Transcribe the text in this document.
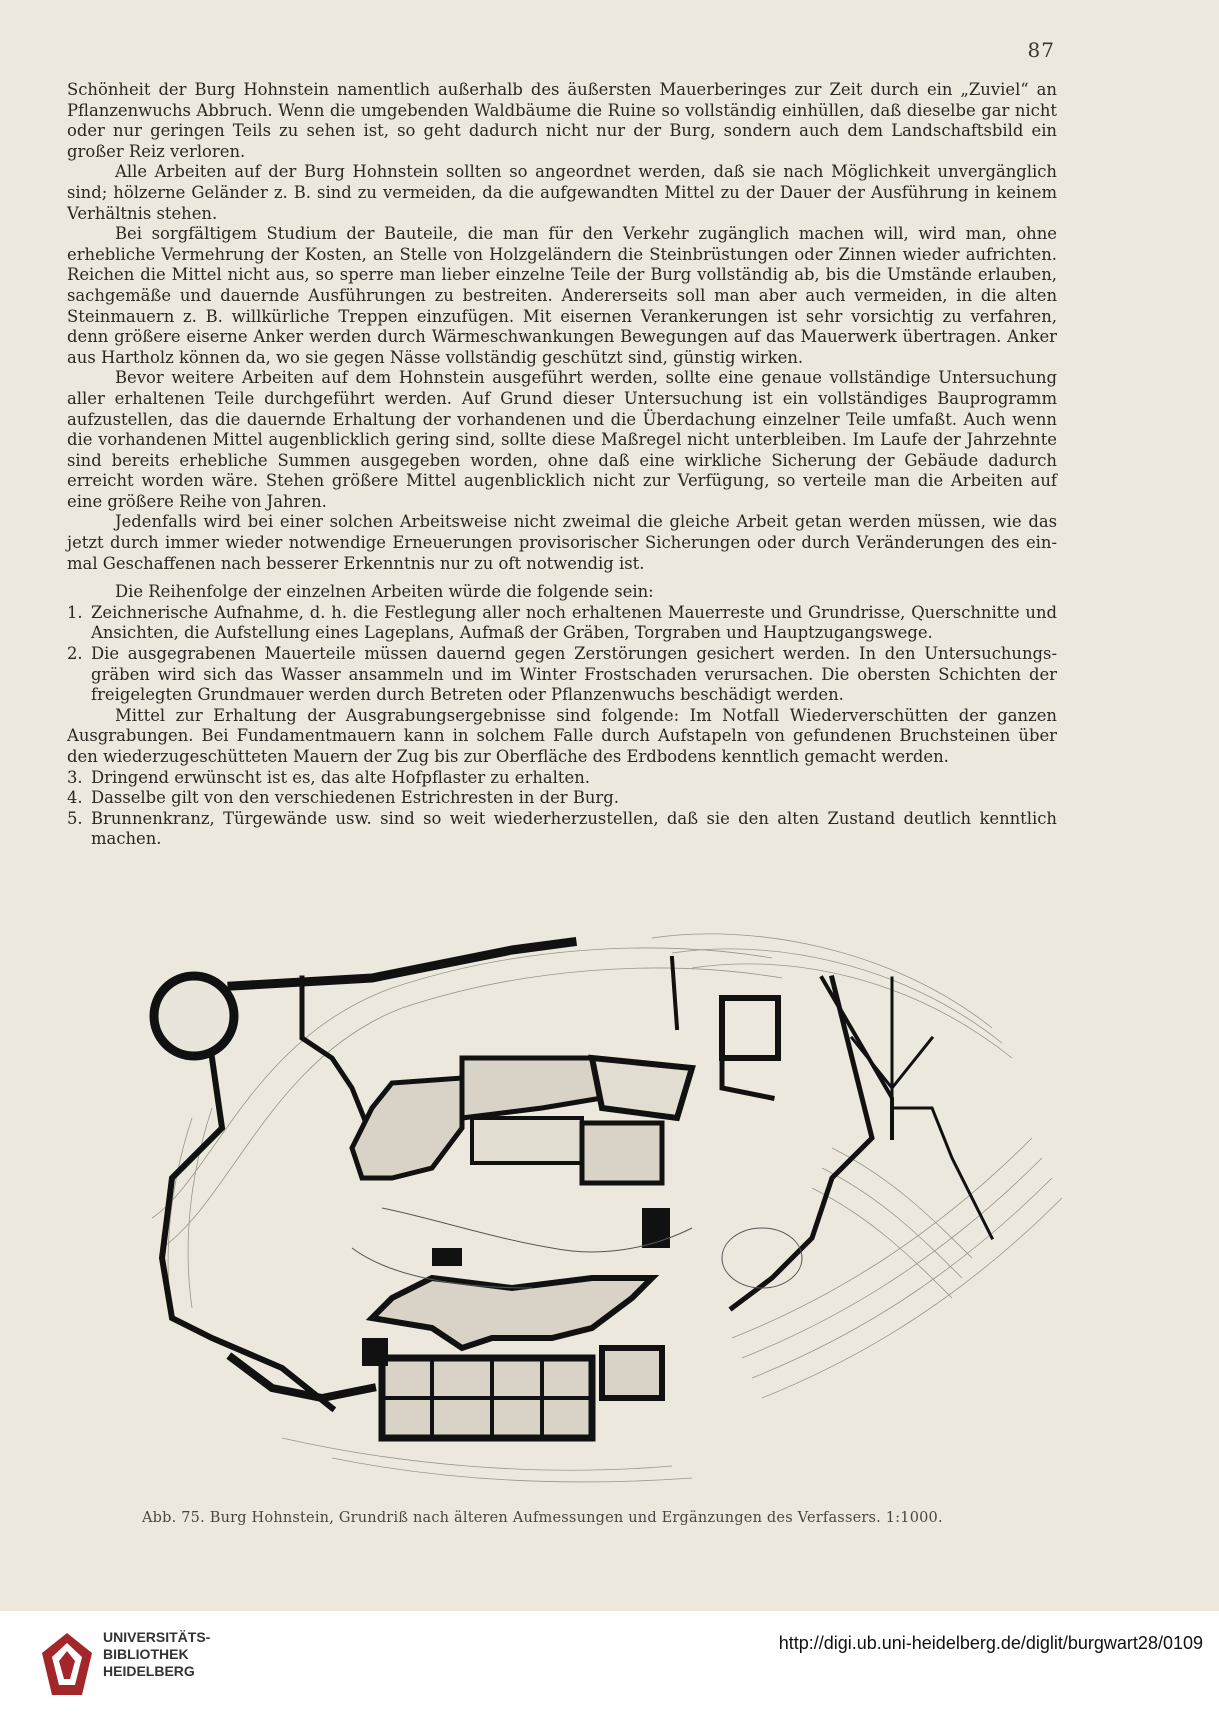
87

Schönheit der Burg Hohnstein namentlich außerhalb des äußersten Mauerberinges zur Zeit durch ein „Zuviel“ an Pflanzenwuchs Abbruch. Wenn die umgebenden Waldbäume die Ruine so vollständig einhüllen, daß dieselbe gar nicht oder nur geringen Teils zu sehen ist, so geht dadurch nicht nur der Burg, sondern auch dem Landschaftsbild ein großer Reiz verloren.

Alle Arbeiten auf der Burg Hohnstein sollten so angeordnet werden, daß sie nach Möglichkeit unvergänglich sind; hölzerne Geländer z. B. sind zu vermeiden, da die aufgewandten Mittel zu der Dauer der Ausführung in keinem Verhältnis stehen.

Bei sorgfältigem Studium der Bauteile, die man für den Verkehr zugänglich machen will, wird man, ohne erhebliche Vermehrung der Kosten, an Stelle von Holzgeländern die Steinbrüstungen oder Zinnen wieder aufrichten. Reichen die Mittel nicht aus, so sperre man lieber einzelne Teile der Burg vollständig ab, bis die Umstände erlauben, sachgemäße und dauernde Ausführungen zu bestreiten. Andererseits soll man aber auch vermeiden, in die alten Steinmauern z. B. willkürliche Treppen einzufügen. Mit eisernen Verankerungen ist sehr vorsichtig zu verfahren, denn größere eiserne Anker werden durch Wärmeschwankungen Bewegungen auf das Mauerwerk übertragen. Anker aus Hartholz können da, wo sie gegen Nässe vollständig geschützt sind, günstig wirken.

Bevor weitere Arbeiten auf dem Hohnstein ausgeführt werden, sollte eine genaue vollständige Untersuchung aller erhaltenen Teile durchgeführt werden. Auf Grund dieser Untersuchung ist ein vollständiges Bauprogramm aufzustellen, das die dauernde Erhaltung der vorhandenen und die Überdachung einzelner Teile umfaßt. Auch wenn die vorhandenen Mittel augenblicklich gering sind, sollte diese Maßregel nicht unterbleiben. Im Laufe der Jahrzehnte sind bereits erhebliche Summen ausgegeben worden, ohne daß eine wirkliche Sicherung der Gebäude dadurch erreicht worden wäre. Stehen größere Mittel augenblicklich nicht zur Verfügung, so verteile man die Arbeiten auf eine größere Reihe von Jahren.

Jedenfalls wird bei einer solchen Arbeitsweise nicht zweimal die gleiche Arbeit getan werden müssen, wie das jetzt durch immer wieder notwendige Erneuerungen provisorischer Sicherungen oder durch Veränderungen des einmal Geschaffenen nach besserer Erkenntnis nur zu oft notwendig ist.

Die Reihenfolge der einzelnen Arbeiten würde die folgende sein:

1. Zeichnerische Aufnahme, d. h. die Festlegung aller noch erhaltenen Mauerreste und Grundrisse, Querschnitte und Ansichten, die Aufstellung eines Lageplans, Aufmaß der Gräben, Torgraben und Hauptzugangswege.
2. Die ausgegrabenen Mauerteile müssen dauernd gegen Zerstörungen gesichert werden. In den Untersuchungsgräben wird sich das Wasser ansammeln und im Winter Frostschaden verursachen. Die obersten Schichten der freigelegten Grundmauer werden durch Betreten oder Pflanzenwuchs beschädigt werden.

Mittel zur Erhaltung der Ausgrabungsergebnisse sind folgende: Im Notfall Wiederverschütten der ganzen Ausgrabungen. Bei Fundamentmauern kann in solchem Falle durch Aufstapeln von gefundenen Bruchsteinen über den wiederzugeschütteten Mauern der Zug bis zur Oberfläche des Erdbodens kenntlich gemacht werden.

3. Dringend erwünscht ist es, das alte Hofpflaster zu erhalten.
4. Dasselbe gilt von den verschiedenen Estrichresten in der Burg.
5. Brunnenkranz, Türgewände usw. sind so weit wiederherzustellen, daß sie den alten Zustand deutlich kenntlich machen.
Abb. 75. Burg Hohnstein, Grundriß nach älteren Aufmessungen und Ergänzungen des Verfassers. 1:1000.
UNIVERSITÄTS-
BIBLIOTHEK
HEIDELBERG
http://digi.ub.uni-heidelberg.de/diglit/burgwart28/0109
